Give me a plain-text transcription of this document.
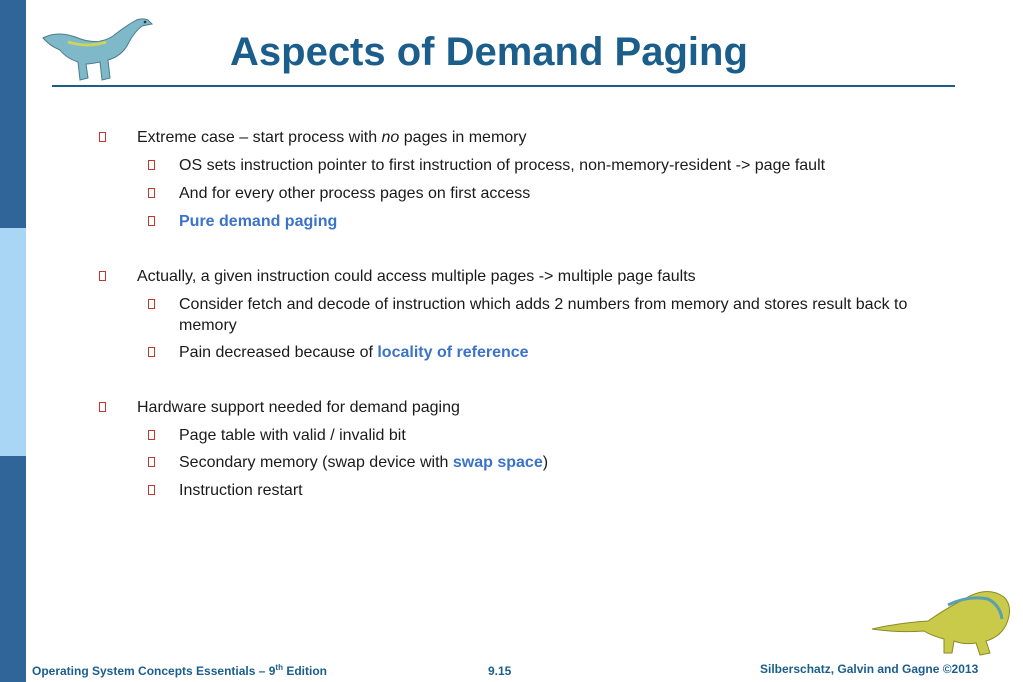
Aspects of Demand Paging
Extreme case – start process with no pages in memory
OS sets instruction pointer to first instruction of process, non-memory-resident -> page fault
And for every other process pages on first access
Pure demand paging
Actually, a given instruction could access multiple pages -> multiple page faults
Consider fetch and decode of instruction which adds 2 numbers from memory and stores result back to memory
Pain decreased because of locality of reference
Hardware support needed for demand paging
Page table with valid / invalid bit
Secondary memory (swap device with swap space)
Instruction restart
Operating System Concepts Essentials – 9th Edition	9.15	Silberschatz, Galvin and Gagne ©2013
